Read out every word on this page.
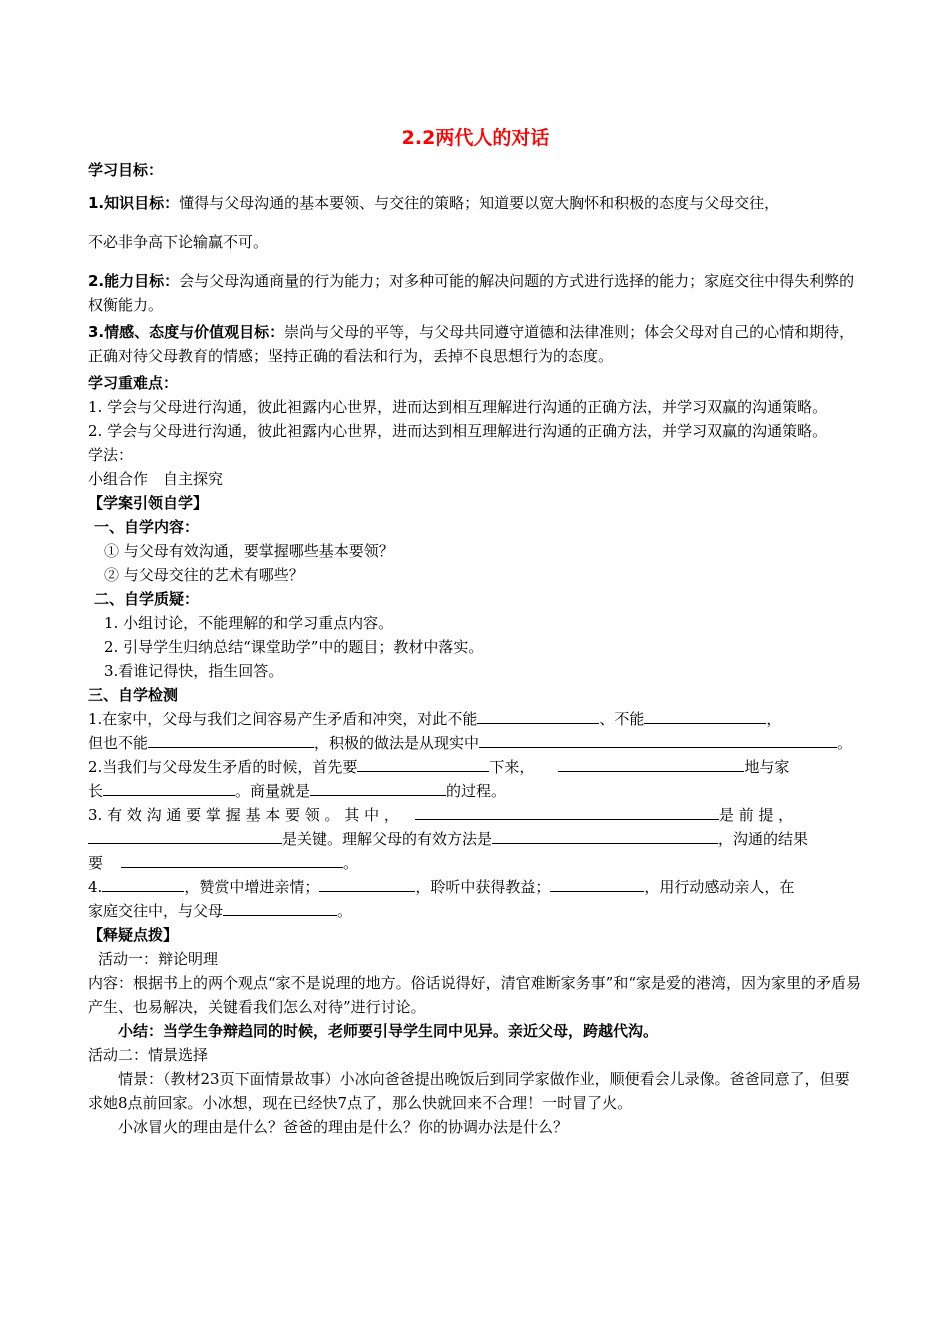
2.2两代人的对话

学习目标：

1.知识目标：懂得与父母沟通的基本要领、与交往的策略；知道要以宽大胸怀和积极的态度与父母交往，

不必非争高下论输赢不可。

2.能力目标：会与父母沟通商量的行为能力；对多种可能的解决问题的方式进行选择的能力；家庭交往中得失利弊的权衡能力。

3.情感、态度与价值观目标：崇尚与父母的平等，与父母共同遵守道德和法律准则；体会父母对自己的心情和期待，正确对待父母教育的情感；坚持正确的看法和行为，丢掉不良思想行为的态度。

学习重难点：

1. 学会与父母进行沟通，彼此袒露内心世界，进而达到相互理解进行沟通的正确方法，并学习双赢的沟通策略。

2. 学会与父母进行沟通，彼此袒露内心世界，进而达到相互理解进行沟通的正确方法，并学习双赢的沟通策略。

学法：

小组合作　自主探究

【学案引领自学】

一、自学内容：

① 与父母有效沟通，要掌握哪些基本要领？

② 与父母交往的艺术有哪些？

二、自学质疑：

1. 小组讨论，不能理解的和学习重点内容。

2. 引导学生归纳总结“课堂助学”中的题目；教材中落实。

3.看谁记得快，指生回答。

三、自学检测

1.在家中，父母与我们之间容易产生矛盾和冲突，对此不能	、不能	，

但也不能	，积极的做法是从现实中	。

2.当我们与父母发生矛盾的时候，首先要	下来，	地与家

长	。商量就是	的过程。

3. 有 效 沟 通 要 掌 握 基 本 要 领 。 其 中 ，	是 前 提 ，

是关键。理解父母的有效方法是	，沟通的结果

要	。

4.	，赞赏中增进亲情；	，聆听中获得教益；	，用行动感动亲人，在

家庭交往中，与父母	。

【释疑点拨】

活动一：辩论明理

内容：根据书上的两个观点“家不是说理的地方。俗话说得好，清官难断家务事”和“家是爱的港湾，因为家里的矛盾易产生、也易解决，关键看我们怎么对待”进行讨论。

小结：当学生争辩趋同的时候，老师要引导学生同中见异。亲近父母，跨越代沟。

活动二：情景选择

情景：（教材23页下面情景故事）小冰向爸爸提出晚饭后到同学家做作业，顺便看会儿录像。爸爸同意了，但要求她8点前回家。小冰想，现在已经快7点了，那么快就回来不合理！一时冒了火。

小冰冒火的理由是什么？爸爸的理由是什么？你的协调办法是什么？
